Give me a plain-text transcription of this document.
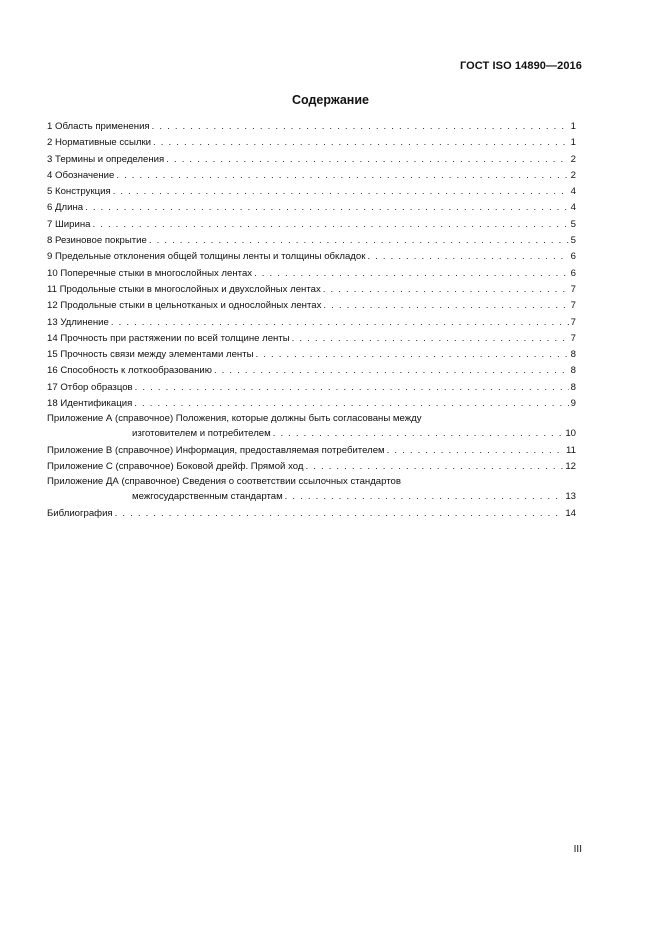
ГОСТ ISO 14890—2016
Содержание
1 Область применения . . .	1
2 Нормативные ссылки . . .	1
3 Термины и определения . . .	2
4 Обозначение . . .	2
5 Конструкция . . .	4
6 Длина . . .	4
7 Ширина . . .	5
8 Резиновое покрытие . . .	5
9 Предельные отклонения общей толщины ленты и толщины обкладок . . .	6
10 Поперечные стыки в многослойных лентах . . .	6
11 Продольные стыки в многослойных и двухслойных лентах . . .	7
12 Продольные стыки в цельнотканых и однослойных лентах . . .	7
13 Удлинение . . .	7
14 Прочность при растяжении по всей толщине ленты . . .	7
15 Прочность связи между элементами ленты . . .	8
16 Способность к лоткообразованию . . .	8
17 Отбор образцов . . .	8
18 Идентификация . . .	9
Приложение А (справочное) Положения, которые должны быть согласованы между
изготовителем и потребителем . . .	10
Приложение В (справочное) Информация, предоставляемая потребителем . . .	11
Приложение С (справочное) Боковой дрейф. Прямой ход . . .	12
Приложение ДА (справочное) Сведения о соответствии ссылочных стандартов
межгосударственным стандартам . . .	13
Библиография . . .	14
III
